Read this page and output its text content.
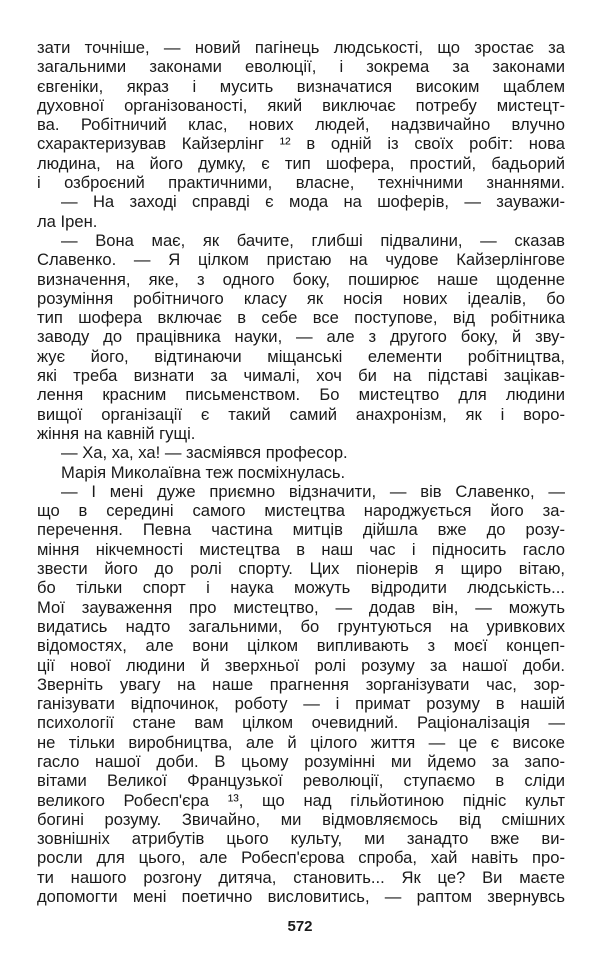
зати точніше, — новий пагінець людськості, що зростає за
загальними законами еволюції, і зокрема за законами
євгеніки, якраз і мусить визначатися високим щаблем
духовної організованості, який виключає потребу мистецт-
ва. Робітничий клас, нових людей, надзвичайно влучно
схарактеризував Кайзерлінг ¹² в одній із своїх робіт: нова
людина, на його думку, є тип шофера, простий, бадьорий
і озброєний практичними, власне, технічними знаннями.
— На заході справді є мода на шоферів, — зауважи-
ла Ірен.
— Вона має, як бачите, глибші підвалини, — сказав
Славенко. — Я цілком пристаю на чудове Кайзерлінгове
визначення, яке, з одного боку, поширює наше щоденне
розуміння робітничого класу як носія нових ідеалів, бо
тип шофера включає в себе все поступове, від робітника
заводу до працівника науки, — але з другого боку, й зву-
жує його, відтинаючи міщанські елементи робітництва,
які треба визнати за чималі, хоч би на підставі зацікав-
лення красним письменством. Бо мистецтво для людини
вищої організації є такий самий анахронізм, як і воро-
жіння на кавній гущі.
— Ха, ха, ха! — засміявся професор.
Марія Миколаївна теж посміхнулась.
— І мені дуже приємно відзначити, — вів Славенко, —
що в середині самого мистецтва народжується його за-
перечення. Певна частина митців дійшла вже до розу-
міння нікчемності мистецтва в наш час і підносить гасло
звести його до ролі спорту. Цих піонерів я щиро вітаю,
бо тільки спорт і наука можуть відродити людськість...
Мої зауваження про мистецтво, — додав він, — можуть
видатись надто загальними, бо грунтуються на уривкових
відомостях, але вони цілком випливають з моєї концеп-
ції нової людини й зверхньої ролі розуму за нашої доби.
Зверніть увагу на наше прагнення зорганізувати час, зор-
ганізувати відпочинок, роботу — і примат розуму в нашій
психології стане вам цілком очевидний. Раціоналізація —
не тільки виробництва, але й цілого життя — це є високе
гасло нашої доби. В цьому розумінні ми йдемо за запо-
вітами Великої Французької революції, ступаємо в сліди
великого Робесп'єра ¹³, що над гільйотиною підніс культ
богині розуму. Звичайно, ми відмовляємось від смішних
зовнішніх атрибутів цього культу, ми занадто вже ви-
росли для цього, але Робесп'єрова спроба, хай навіть про-
ти нашого розгону дитяча, становить... Як це? Ви маєте
допомогти мені поетично висловитись, — раптом звернувсь
572
